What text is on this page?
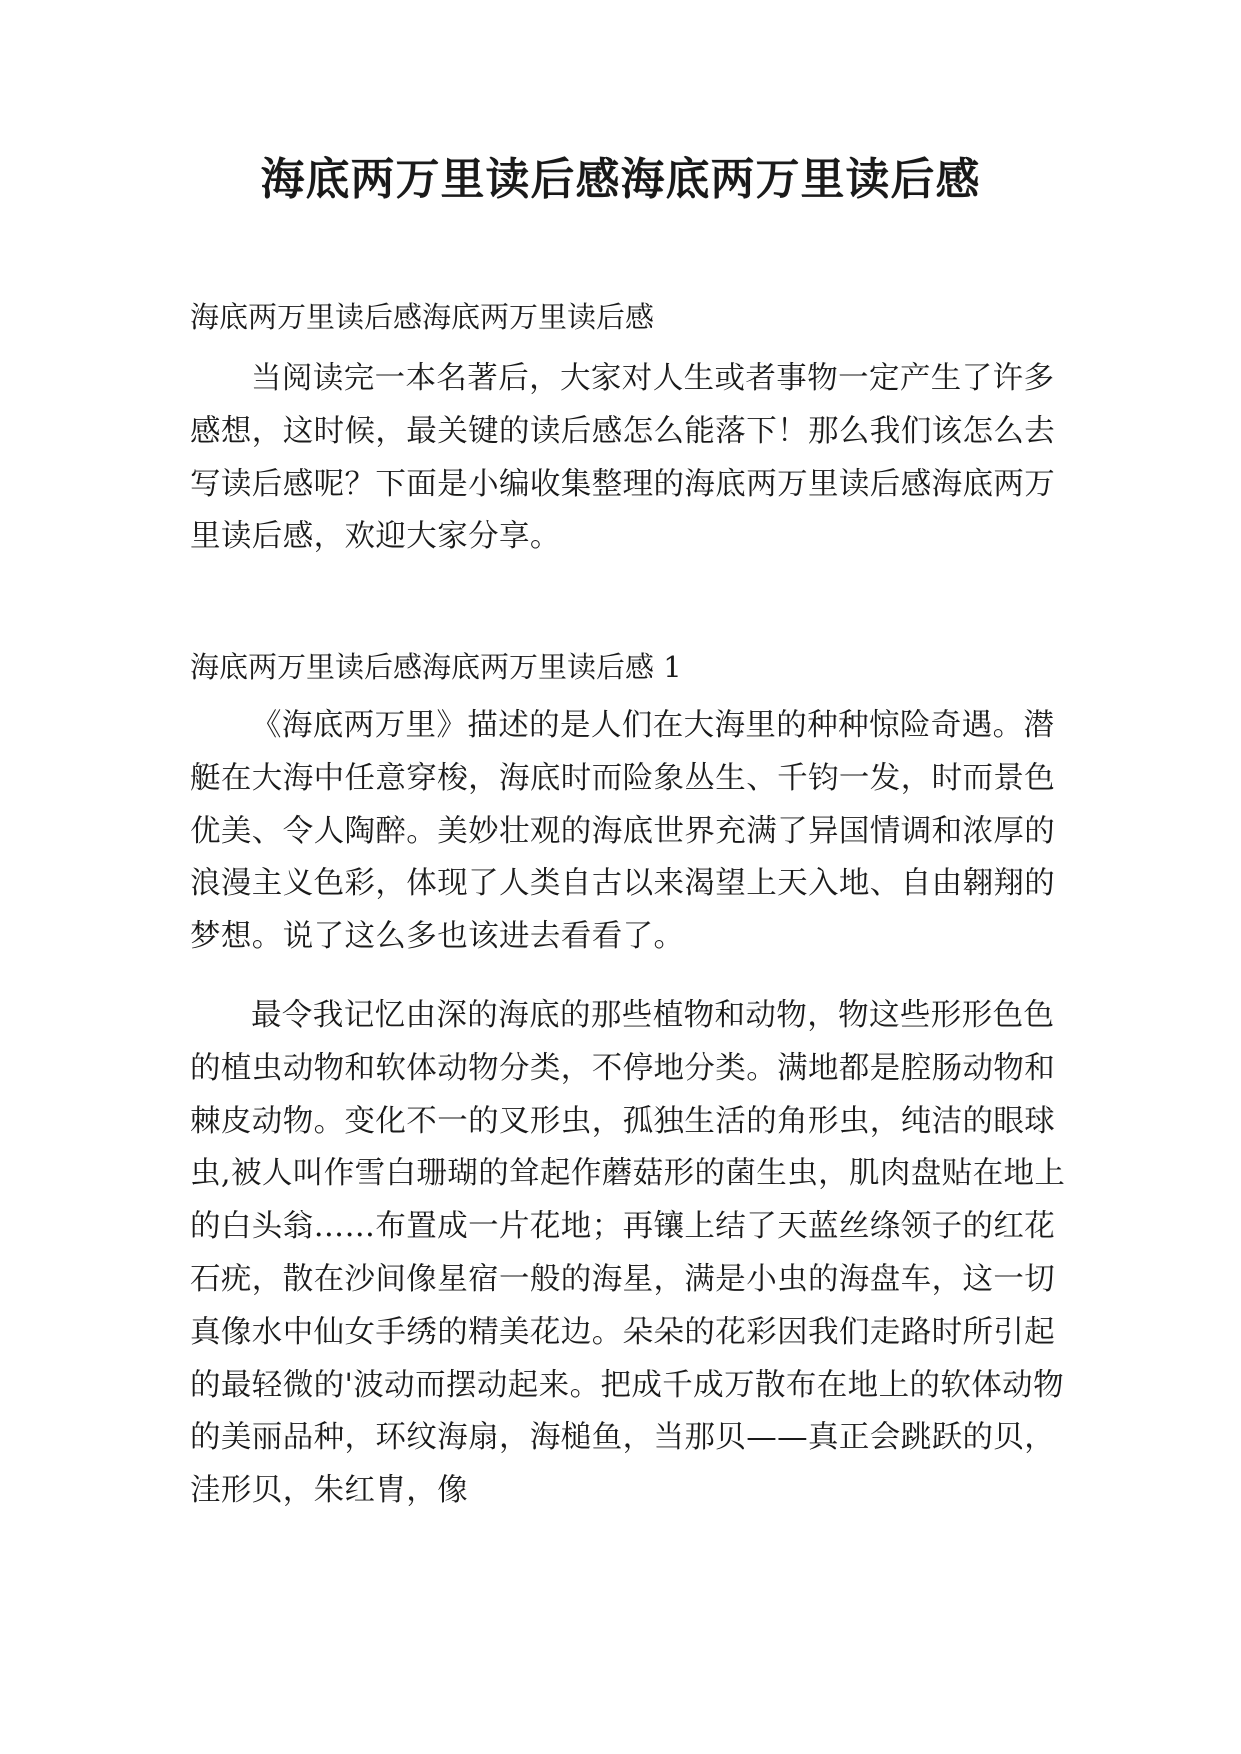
海底两万里读后感海底两万里读后感
海底两万里读后感海底两万里读后感

当阅读完一本名著后，大家对人生或者事物一定产生了许多感想，这时候，最关键的读后感怎么能落下！那么我们该怎么去写读后感呢？下面是小编收集整理的海底两万里读后感海底两万里读后感，欢迎大家分享。

海底两万里读后感海底两万里读后感 1

《海底两万里》描述的是人们在大海里的种种惊险奇遇。潜艇在大海中任意穿梭，海底时而险象丛生、千钧一发，时而景色优美、令人陶醉。美妙壮观的海底世界充满了异国情调和浓厚的浪漫主义色彩，体现了人类自古以来渴望上天入地、自由翱翔的梦想。说了这么多也该进去看看了。

最令我记忆由深的海底的那些植物和动物，物这些形形色色的植虫动物和软体动物分类，不停地分类。满地都是腔肠动物和棘皮动物。变化不一的叉形虫，孤独生活的角形虫，纯洁的眼球虫,被人叫作雪白珊瑚的耸起作蘑菇形的菌生虫，肌肉盘贴在地上的白头翁……布置成一片花地；再镶上结了天蓝丝绦领子的红花石疣，散在沙间像星宿一般的海星，满是小虫的海盘车，这一切真像水中仙女手绣的精美花边。朵朵的花彩因我们走路时所引起的最轻微的'波动而摆动起来。把成千成万散布在地上的软体动物的美丽品种，环纹海扇，海槌鱼，当那贝——真正会跳跃的贝，洼形贝，朱红胄，像
